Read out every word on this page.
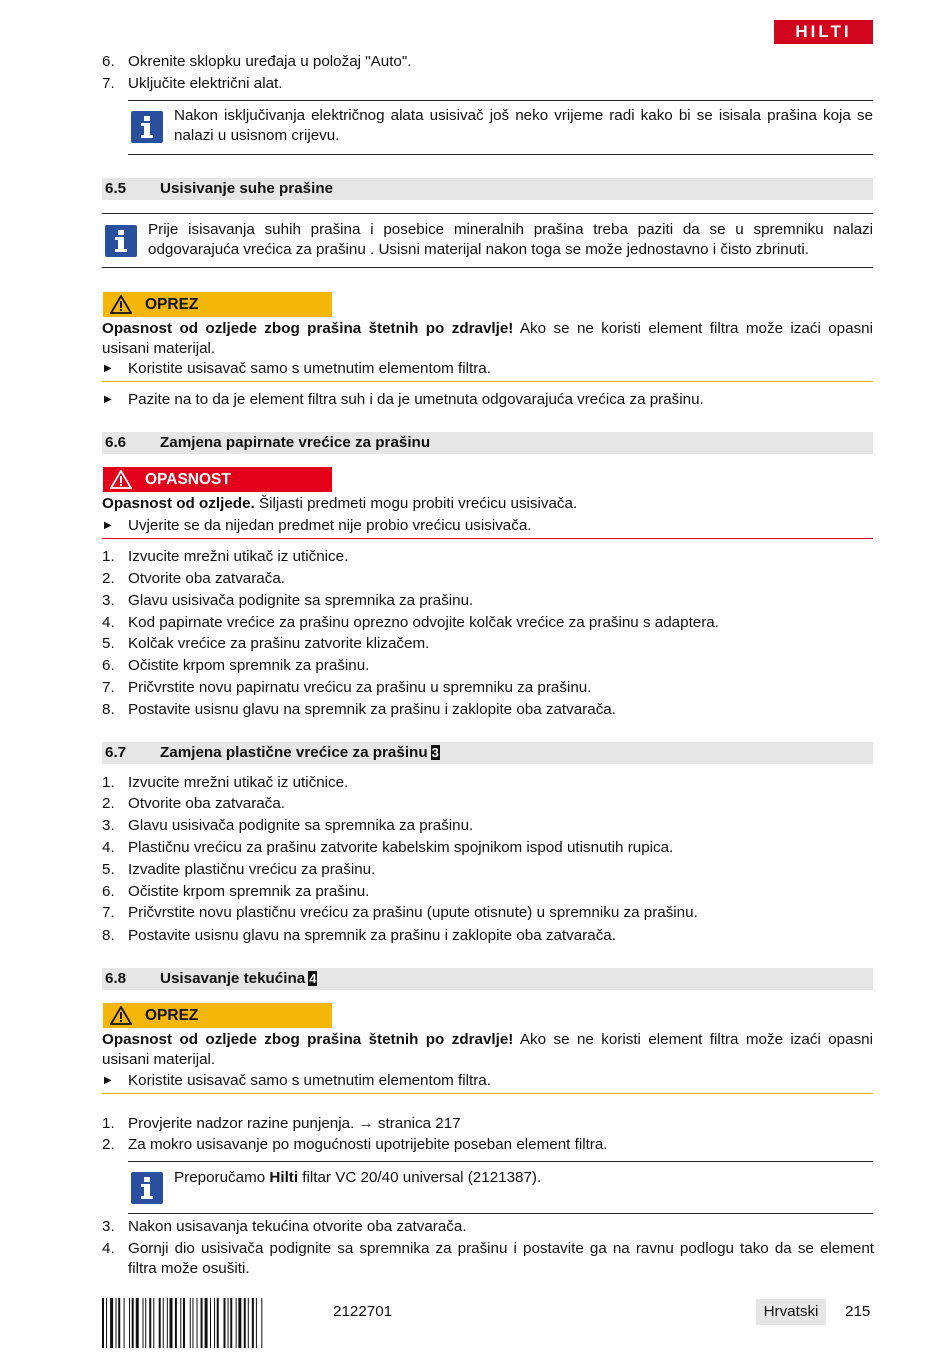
HILTI
6. Okrenite sklopku uređaja u položaj "Auto".
7. Uključite električni alat.
Nakon isključivanja električnog alata usisivač još neko vrijeme radi kako bi se isisala prašina koja se nalazi u usisnom crijevu.
6.5 Usisivanje suhe prašine
Prije isisavanja suhih prašina i posebice mineralnih prašina treba paziti da se u spremniku nalazi odgovarajuća vrećica za prašinu . Usisni materijal nakon toga se može jednostavno i čisto zbrinuti.
OPREZ
Opasnost od ozljede zbog prašina štetnih po zdravlje! Ako se ne koristi element filtra može izaći opasni usisani materijal.
▶ Koristite usisavač samo s umetnutim elementom filtra.
▶ Pazite na to da je element filtra suh i da je umetnuta odgovarajuća vrećica za prašinu.
6.6 Zamjena papirnate vrećice za prašinu
OPASNOST
Opasnost od ozljede. Šiljasti predmeti mogu probiti vrećicu usisivača.
▶ Uvjerite se da nijedan predmet nije probio vrećicu usisivača.
1. Izvucite mrežni utikač iz utičnice.
2. Otvorite oba zatvarača.
3. Glavu usisivača podignite sa spremnika za prašinu.
4. Kod papirnate vrećice za prašinu oprezno odvojite kolčak vrećice za prašinu s adaptera.
5. Kolčak vrećice za prašinu zatvorite klizačem.
6. Očistite krpom spremnik za prašinu.
7. Pričvrstite novu papirnatu vrećicu za prašinu u spremniku za prašinu.
8. Postavite usisnu glavu na spremnik za prašinu i zaklopite oba zatvarača.
6.7 Zamjena plastične vrećice za prašinu 3
1. Izvucite mrežni utikač iz utičnice.
2. Otvorite oba zatvarača.
3. Glavu usisivača podignite sa spremnika za prašinu.
4. Plastičnu vrećicu za prašinu zatvorite kabelskim spojnikom ispod utisnutih rupica.
5. Izvadite plastičnu vrećicu za prašinu.
6. Očistite krpom spremnik za prašinu.
7. Pričvrstite novu plastičnu vrećicu za prašinu (upute otisnute) u spremniku za prašinu.
8. Postavite usisnu glavu na spremnik za prašinu i zaklopite oba zatvarača.
6.8 Usisavanje tekućina 4
OPREZ
Opasnost od ozljede zbog prašina štetnih po zdravlje! Ako se ne koristi element filtra može izaći opasni usisani materijal.
▶ Koristite usisavač samo s umetnutim elementom filtra.
1. Provjerite nadzor razine punjenja. → stranica 217
2. Za mokro usisavanje po mogućnosti upotrijebite poseban element filtra.
Preporučamo Hilti filtar VC 20/40 universal (2121387).
3. Nakon usisavanja tekućina otvorite oba zatvarača.
4. Gornji dio usisivača podignite sa spremnika za prašinu i postavite ga na ravnu podlogu tako da se element filtra može osušiti.
2122701	Hrvatski	215
